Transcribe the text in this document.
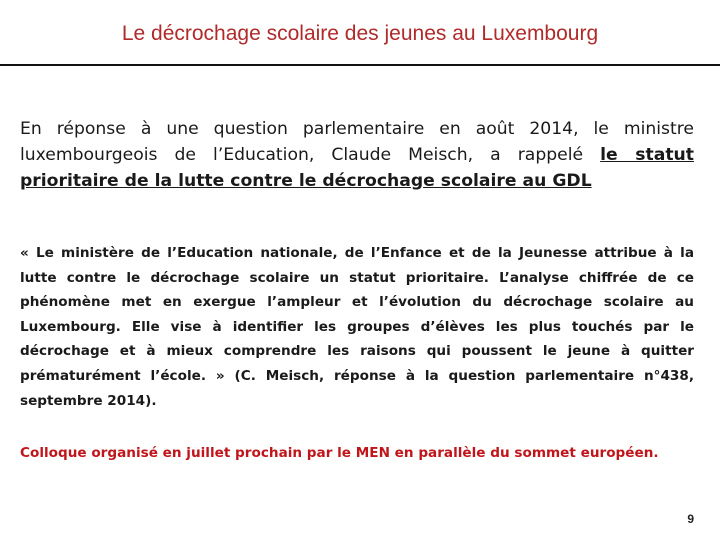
Le décrochage scolaire des jeunes au Luxembourg
En réponse à une question parlementaire en août 2014, le ministre luxembourgeois de l’Education, Claude Meisch, a rappelé le statut prioritaire de la lutte contre le décrochage scolaire au GDL
« Le ministère de l’Education nationale, de l’Enfance et de la Jeunesse attribue à la lutte contre le décrochage scolaire un statut prioritaire. L’analyse chiffrée de ce phénomène met en exergue l’ampleur et l’évolution du décrochage scolaire au Luxembourg. Elle vise à identifier les groupes d’élèves les plus touchés par le décrochage et à mieux comprendre les raisons qui poussent le jeune à quitter prématurément l’école. » (C. Meisch, réponse à la question parlementaire n°438, septembre 2014).
Colloque organisé en juillet prochain par le MEN en parallèle du sommet européen.
9
